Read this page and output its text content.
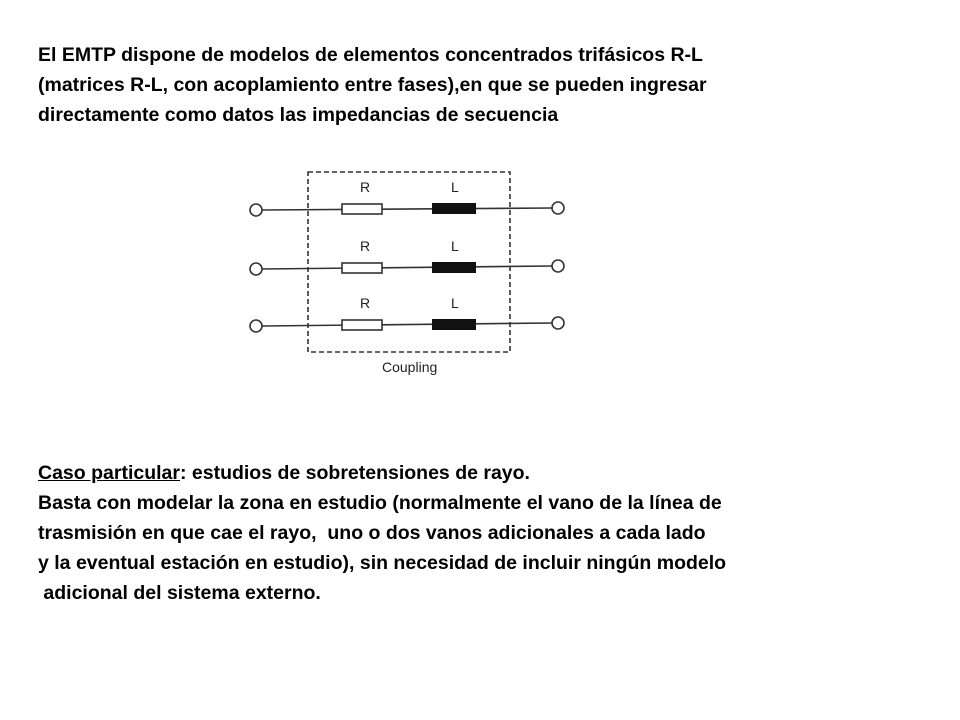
El EMTP dispone de modelos de elementos concentrados trifásicos R-L
(matrices R-L, con acoplamiento entre fases),en que se pueden ingresar
directamente como datos las impedancias de secuencia
R	L
R	L
R	L
Coupling
Caso particular: estudios de sobretensiones de rayo.
Basta con modelar la zona en estudio (normalmente el vano de la línea de
trasmisión en que cae el rayo,  uno o dos vanos adicionales a cada lado
y la eventual estación en estudio), sin necesidad de incluir ningún modelo
adicional del sistema externo.
